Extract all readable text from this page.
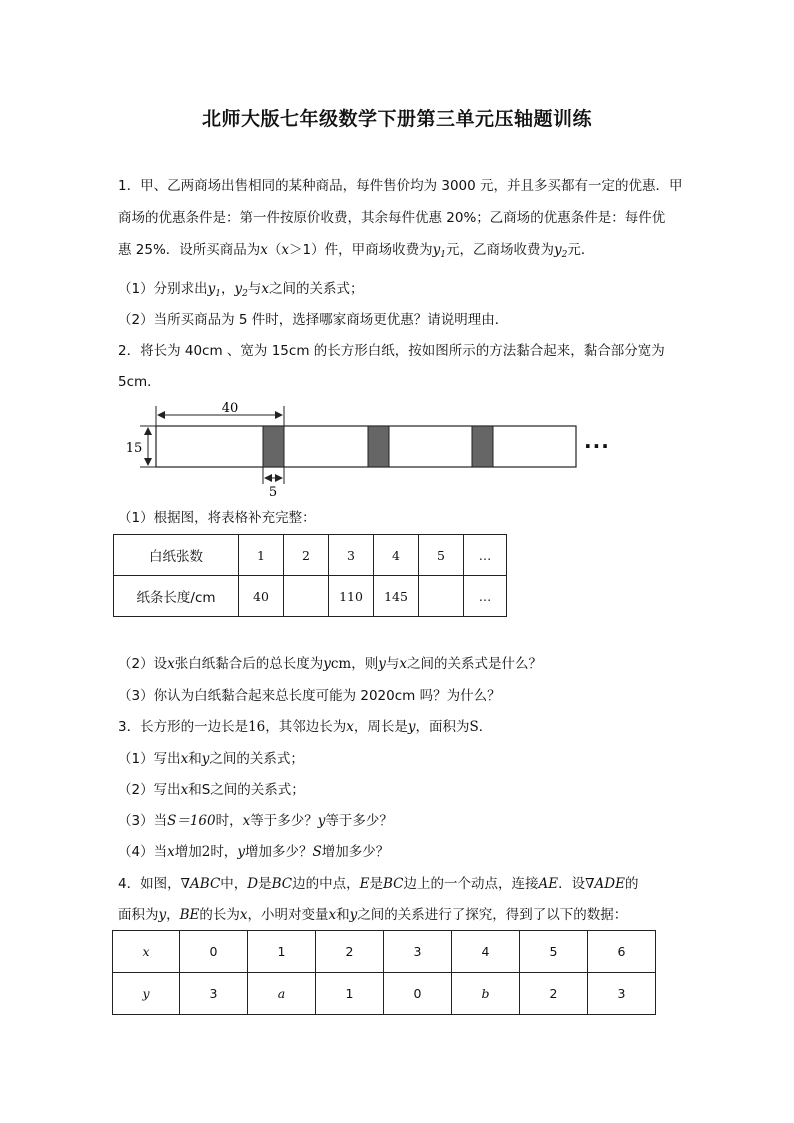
北师大版七年级数学下册第三单元压轴题训练
1．甲、乙两商场出售相同的某种商品，每件售价均为 3000 元，并且多买都有一定的优惠．甲
商场的优惠条件是：第一件按原价收费，其余每件优惠 20%；乙商场的优惠条件是：每件优
惠 25%．设所买商品为x（x＞1）件，甲商场收费为$y_1$元，乙商场收费为$y_2$元．
（1）分别求出$y_1$，$y_2$与x之间的关系式；
（2）当所买商品为 5 件时，选择哪家商场更优惠？请说明理由．
2．将长为 40cm 、宽为 15cm 的长方形白纸，按如图所示的方法黏合起来，黏合部分宽为
5cm．
40
15
5
···
（1）根据图，将表格补充完整：
白纸张数	1	2	3	4	5	…
纸条长度/cm	40		110	145		…
（2）设x张白纸黏合后的总长度为ycm，则y与x之间的关系式是什么？
（3）你认为白纸黏合起来总长度可能为 2020cm 吗？为什么？
3．长方形的一边长是16，其邻边长为x，周长是y，面积为S．
（1）写出x和y之间的关系式；
（2）写出x和S之间的关系式；
（3）当S＝160时，x等于多少？y等于多少？
（4）当x增加2时，y增加多少？S增加多少？
4．如图，∇ABC中，D是BC边的中点，E是BC边上的一个动点，连接AE．设∇ADE的
面积为y，BE的长为x，小明对变量x和y之间的关系进行了探究，得到了以下的数据：
x	0	1	2	3	4	5	6
y	3	a	1	0	b	2	3
